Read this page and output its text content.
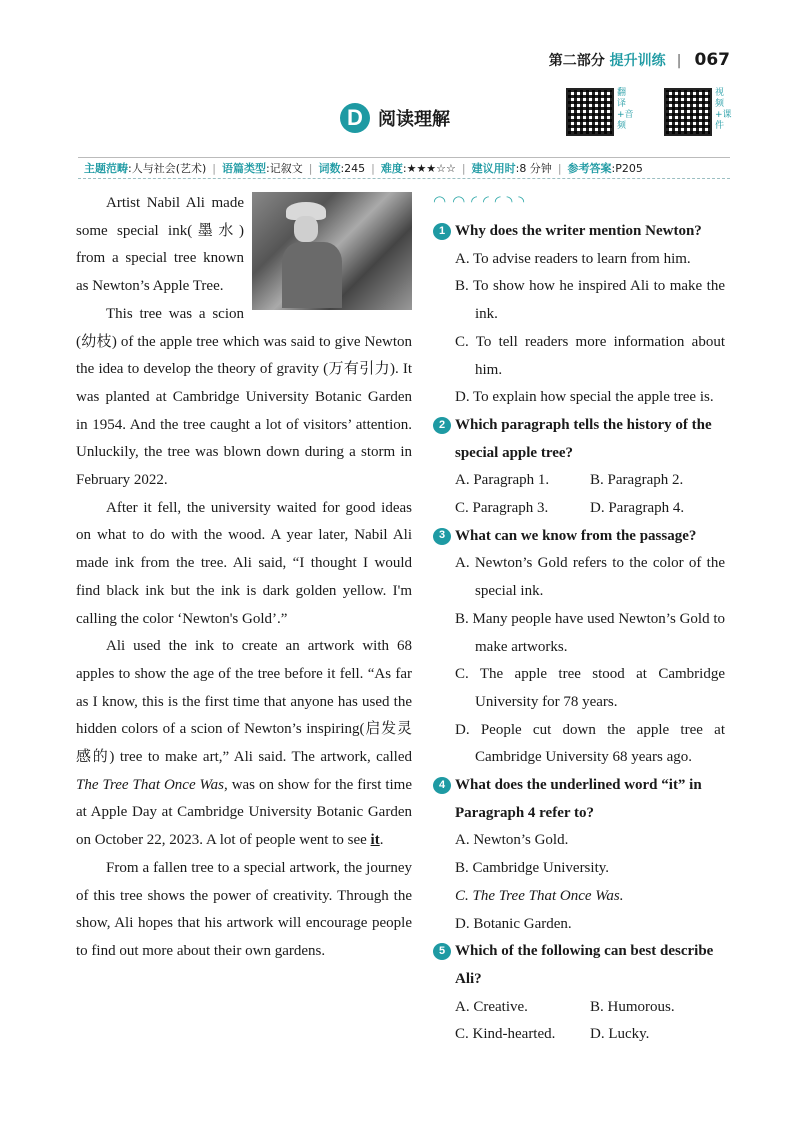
第二部分 提升训练 | 067
D 阅读理解
翻译+音频
视频+课件
主题范畴:人与社会(艺术) | 语篇类型:记叙文 | 词数:245 | 难度:★★★☆☆ | 建议用时:8 分钟 | 参考答案:P205

Artist Nabil Ali made some special ink(墨水) from a special tree known as Newton’s Apple Tree.

This tree was a scion (幼枝) of the apple tree which was said to give Newton the idea to develop the theory of gravity (万有引力). It was planted at Cambridge University Botanic Garden in 1954. And the tree caught a lot of visitors’ attention. Unluckily, the tree was blown down during a storm in February 2022.

After it fell, the university waited for good ideas on what to do with the wood. A year later, Nabil Ali made ink from the tree. Ali said, “I thought I would find black ink but the ink is dark golden yellow. I'm calling the color ‘Newton's Gold’.”

Ali used the ink to create an artwork with 68 apples to show the age of the tree before it fell. “As far as I know, this is the first time that anyone has used the hidden colors of a scion of Newton’s inspiring(启发灵感的) tree to make art,” Ali said. The artwork, called The Tree That Once Was, was on show for the first time at Apple Day at Cambridge University Botanic Garden on October 22, 2023. A lot of people went to see it.

From a fallen tree to a special artwork, the journey of this tree shows the power of creativity. Through the show, Ali hopes that his artwork will encourage people to find out more about their own gardens.

◠◠◜◜◜◝◝
1 Why does the writer mention Newton?
A. To advise readers to learn from him.
B. To show how he inspired Ali to make the ink.
C. To tell readers more information about him.
D. To explain how special the apple tree is.
2 Which paragraph tells the history of the special apple tree?
A. Paragraph 1.	B. Paragraph 2.
C. Paragraph 3.	D. Paragraph 4.
3 What can we know from the passage?
A. Newton’s Gold refers to the color of the special ink.
B. Many people have used Newton’s Gold to make artworks.
C. The apple tree stood at Cambridge University for 78 years.
D. People cut down the apple tree at Cambridge University 68 years ago.
4 What does the underlined word “it” in Paragraph 4 refer to?
A. Newton’s Gold.
B. Cambridge University.
C. The Tree That Once Was.
D. Botanic Garden.
5 Which of the following can best describe Ali?
A. Creative.	B. Humorous.
C. Kind-hearted.	D. Lucky.
